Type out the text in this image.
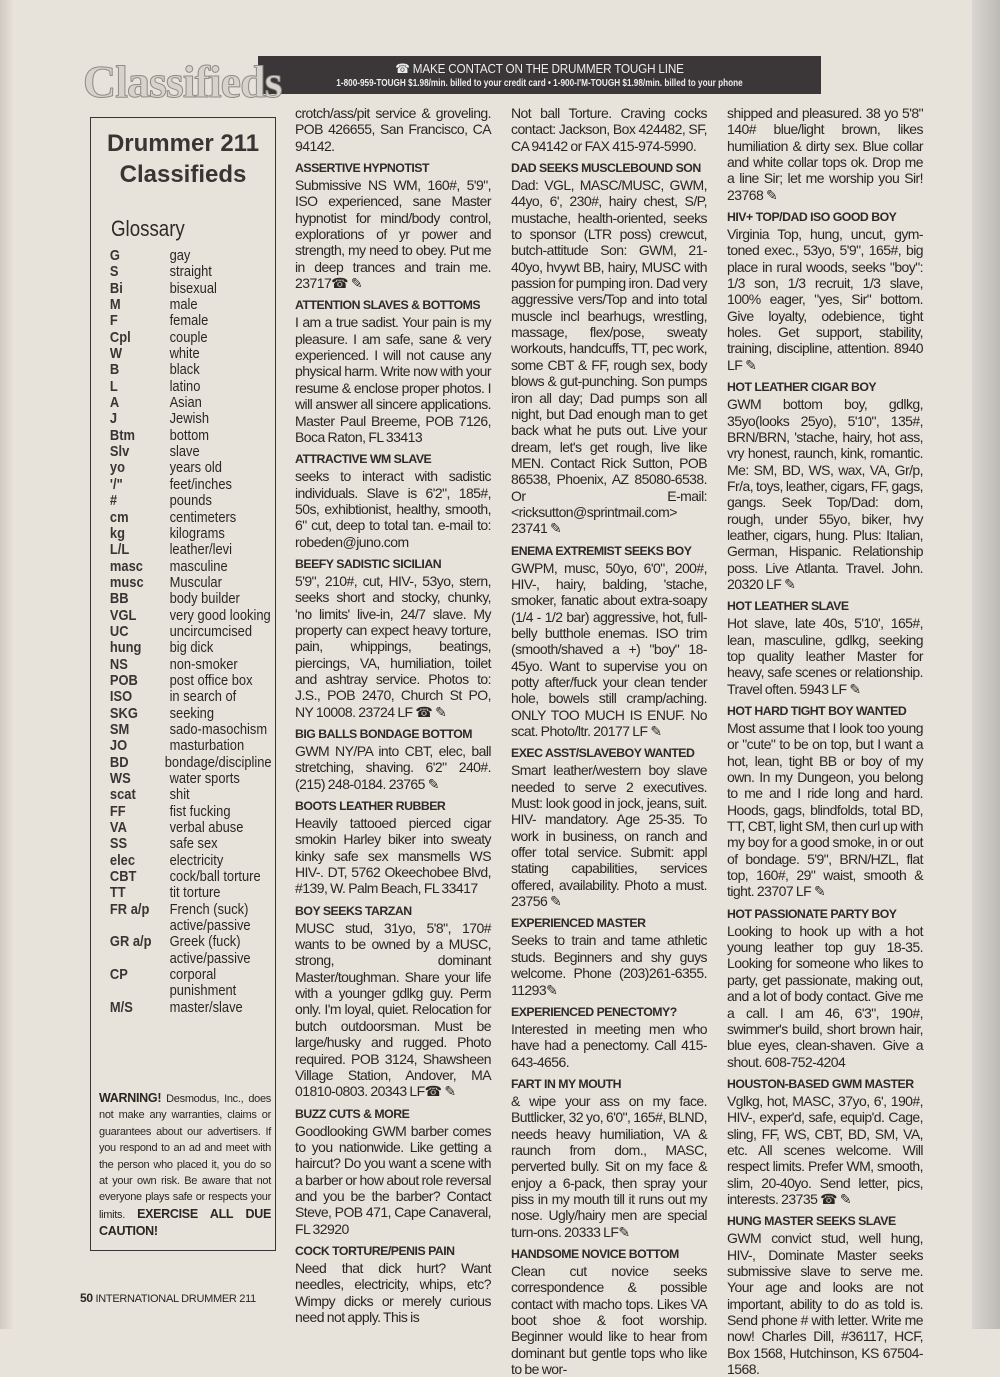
Classifieds	☎ MAKE CONTACT ON THE DRUMMER TOUGH LINE
1-800-959-TOUGH $1.98/min. billed to your credit card • 1-900-I'M-TOUGH $1.98/min. billed to your phone
Drummer 211
Classifieds
Glossary
G	gay
S	straight
Bi	bisexual
M	male
F	female
Cpl	couple
W	white
B	black
L	latino
A	Asian
J	Jewish
Btm	bottom
Slv	slave
yo	years old
'/"	feet/inches
#	pounds
cm	centimeters
kg	kilograms
L/L	leather/levi
masc	masculine
musc	Muscular
BB	body builder
VGL	very good looking
UC	uncircumcised
hung	big dick
NS	non-smoker
POB	post office box
ISO	in search of
SKG	seeking
SM	sado-masochism
JO	masturbation
BD	bondage/discipline
WS	water sports
scat	shit
FF	fist fucking
VA	verbal abuse
SS	safe sex
elec	electricity
CBT	cock/ball torture
TT	tit torture
FR a/p	French (suck) active/passive
GR a/p	Greek (fuck) active/passive
CP	corporal punishment
M/S	master/slave
WARNING! Desmodus, Inc., does not make any warranties, claims or guarantees about our advertisers. If you respond to an ad and meet with the person who placed it, you do so at your own risk. Be aware that not everyone plays safe or respects your limits. EXERCISE ALL DUE CAUTION!

crotch/ass/pit service & groveling. POB 426655, San Francisco, CA 94142.

ASSERTIVE HYPNOTIST

Submissive NS WM, 160#, 5'9", ISO experienced, sane Master hypnotist for mind/body control, explorations of yr power and strength, my need to obey. Put me in deep trances and train me. 23717☎ ✎

ATTENTION SLAVES & BOTTOMS

I am a true sadist. Your pain is my pleasure. I am safe, sane & very experienced. I will not cause any physical harm. Write now with your resume & enclose proper photos. I will answer all sincere applications. Master Paul Breeme, POB 7126, Boca Raton, FL 33413

ATTRACTIVE WM SLAVE

seeks to interact with sadistic individuals. Slave is 6'2", 185#, 50s, exhibtionist, healthy, smooth, 6" cut, deep to total tan. e-mail to: robeden@juno.com

BEEFY SADISTIC SICILIAN

5'9", 210#, cut, HIV-, 53yo, stern, seeks short and stocky, chunky, 'no limits' live-in, 24/7 slave. My property can expect heavy torture, pain, whippings, beatings, piercings, VA, humiliation, toilet and ashtray service. Photos to: J.S., POB 2470, Church St PO, NY 10008. 23724 LF ☎ ✎

BIG BALLS BONDAGE BOTTOM

GWM NY/PA into CBT, elec, ball stretching, shaving. 6'2" 240#. (215) 248-0184. 23765 ✎

BOOTS LEATHER RUBBER

Heavily tattooed pierced cigar smokin Harley biker into sweaty kinky safe sex mansmells WS HIV-. DT, 5762 Okeechobee Blvd, #139, W. Palm Beach, FL 33417

BOY SEEKS TARZAN

MUSC stud, 31yo, 5'8", 170# wants to be owned by a MUSC, strong, dominant Master/toughman. Share your life with a younger gdlkg guy. Perm only. I'm loyal, quiet. Relocation for butch outdoorsman. Must be large/husky and rugged. Photo required. POB 3124, Shawsheen Village Station, Andover, MA 01810-0803. 20343 LF☎ ✎

BUZZ CUTS & MORE

Goodlooking GWM barber comes to you nationwide. Like getting a haircut? Do you want a scene with a barber or how about role reversal and you be the barber? Contact Steve, POB 471, Cape Canaveral, FL 32920

COCK TORTURE/PENIS PAIN

Need that dick hurt? Want needles, electricity, whips, etc? Wimpy dicks or merely curious need not apply. This is

Not ball Torture. Craving cocks contact: Jackson, Box 424482, SF, CA 94142 or FAX 415-974-5990.

DAD SEEKS MUSCLEBOUND SON

Dad: VGL, MASC/MUSC, GWM, 44yo, 6', 230#, hairy chest, S/P, mustache, health-oriented, seeks to sponsor (LTR poss) crewcut, butch-attitude Son: GWM, 21-40yo, hvywt BB, hairy, MUSC with passion for pumping iron. Dad very aggressive vers/Top and into total muscle incl bearhugs, wrestling, massage, flex/pose, sweaty workouts, handcuffs, TT, pec work, some CBT & FF, rough sex, body blows & gut-punching. Son pumps iron all day; Dad pumps son all night, but Dad enough man to get back what he puts out. Live your dream, let's get rough, live like MEN. Contact Rick Sutton, POB 86538, Phoenix, AZ 85080-6538. Or E-mail: <ricksutton@sprintmail.com> 23741 ✎

ENEMA EXTREMIST SEEKS BOY

GWPM, musc, 50yo, 6'0", 200#, HIV-, hairy, balding, 'stache, smoker, fanatic about extra-soapy (1/4 - 1/2 bar) aggressive, hot, full-belly butthole enemas. ISO trim (smooth/shaved a +) "boy" 18-45yo. Want to supervise you on potty after/fuck your clean tender hole, bowels still cramp/aching. ONLY TOO MUCH IS ENUF. No scat. Photo/ltr. 20177 LF ✎

EXEC ASST/SLAVEBOY WANTED

Smart leather/western boy slave needed to serve 2 executives. Must: look good in jock, jeans, suit. HIV- mandatory. Age 25-35. To work in business, on ranch and offer total service. Submit: appl stating capabilities, services offered, availability. Photo a must. 23756 ✎

EXPERIENCED MASTER

Seeks to train and tame athletic studs. Beginners and shy guys welcome. Phone (203)261-6355. 11293✎

EXPERIENCED PENECTOMY?

Interested in meeting men who have had a penectomy. Call 415-643-4656.

FART IN MY MOUTH

& wipe your ass on my face. Buttlicker, 32 yo, 6'0", 165#, BLND, needs heavy humiliation, VA & raunch from dom., MASC, perverted bully. Sit on my face & enjoy a 6-pack, then spray your piss in my mouth till it runs out my nose. Ugly/hairy men are special turn-ons. 20333 LF✎

HANDSOME NOVICE BOTTOM

Clean cut novice seeks correspondence & possible contact with macho tops. Likes VA boot shoe & foot worship. Beginner would like to hear from dominant but gentle tops who like to be wor-

shipped and pleasured. 38 yo 5'8" 140# blue/light brown, likes humiliation & dirty sex. Blue collar and white collar tops ok. Drop me a line Sir; let me worship you Sir! 23768 ✎

HIV+ TOP/DAD ISO GOOD BOY

Virginia Top, hung, uncut, gym-toned exec., 53yo, 5'9", 165#, big place in rural woods, seeks "boy": 1/3 son, 1/3 recruit, 1/3 slave, 100% eager, "yes, Sir" bottom. Give loyalty, odebience, tight holes. Get support, stability, training, discipline, attention. 8940 LF ✎

HOT LEATHER CIGAR BOY

GWM bottom boy, gdlkg, 35yo(looks 25yo), 5'10", 135#, BRN/BRN, 'stache, hairy, hot ass, vry honest, raunch, kink, romantic. Me: SM, BD, WS, wax, VA, Gr/p, Fr/a, toys, leather, cigars, FF, gags, gangs. Seek Top/Dad: dom, rough, under 55yo, biker, hvy leather, cigars, hung. Plus: Italian, German, Hispanic. Relationship poss. Live Atlanta. Travel. John. 20320 LF ✎

HOT LEATHER SLAVE

Hot slave, late 40s, 5'10', 165#, lean, masculine, gdlkg, seeking top quality leather Master for heavy, safe scenes or relationship. Travel often. 5943 LF ✎

HOT HARD TIGHT BOY WANTED

Most assume that I look too young or "cute" to be on top, but I want a hot, lean, tight BB or boy of my own. In my Dungeon, you belong to me and I ride long and hard. Hoods, gags, blindfolds, total BD, TT, CBT, light SM, then curl up with my boy for a good smoke, in or out of bondage. 5'9", BRN/HZL, flat top, 160#, 29" waist, smooth & tight. 23707 LF ✎

HOT PASSIONATE PARTY BOY

Looking to hook up with a hot young leather top guy 18-35. Looking for someone who likes to party, get passionate, making out, and a lot of body contact. Give me a call. I am 46, 6'3", 190#, swimmer's build, short brown hair, blue eyes, clean-shaven. Give a shout. 608-752-4204

HOUSTON-BASED GWM MASTER

Vglkg, hot, MASC, 37yo, 6', 190#, HIV-, exper'd, safe, equip'd. Cage, sling, FF, WS, CBT, BD, SM, VA, etc. All scenes welcome. Will respect limits. Prefer WM, smooth, slim, 20-40yo. Send letter, pics, interests. 23735 ☎ ✎

HUNG MASTER SEEKS SLAVE

GWM convict stud, well hung, HIV-, Dominate Master seeks submissive slave to serve me. Your age and looks are not important, ability to do as told is. Send phone # with letter. Write me now! Charles Dill, #36117, HCF, Box 1568, Hutchinson, KS 67504-1568.

50 INTERNATIONAL DRUMMER 211
